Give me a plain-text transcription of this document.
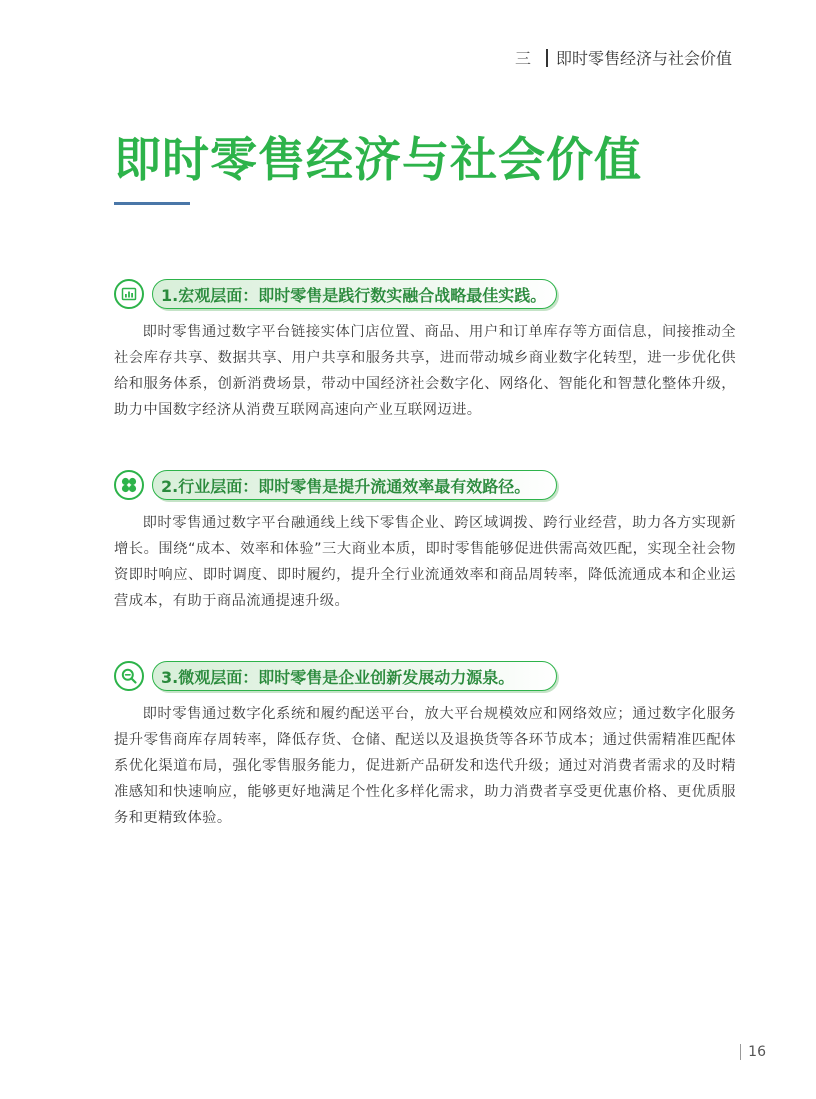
三 即时零售经济与社会价值
即时零售经济与社会价值
1.宏观层面：即时零售是践行数实融合战略最佳实践。

即时零售通过数字平台链接实体门店位置、商品、用户和订单库存等方面信息，间接推动全社会库存共享、数据共享、用户共享和服务共享，进而带动城乡商业数字化转型，进一步优化供给和服务体系，创新消费场景，带动中国经济社会数字化、网络化、智能化和智慧化整体升级，助力中国数字经济从消费互联网高速向产业互联网迈进。

2.行业层面：即时零售是提升流通效率最有效路径。

即时零售通过数字平台融通线上线下零售企业、跨区域调拨、跨行业经营，助力各方实现新增长。围绕“成本、效率和体验”三大商业本质，即时零售能够促进供需高效匹配，实现全社会物资即时响应、即时调度、即时履约，提升全行业流通效率和商品周转率，降低流通成本和企业运营成本，有助于商品流通提速升级。

3.微观层面：即时零售是企业创新发展动力源泉。

即时零售通过数字化系统和履约配送平台，放大平台规模效应和网络效应；通过数字化服务提升零售商库存周转率，降低存货、仓储、配送以及退换货等各环节成本；通过供需精准匹配体系优化渠道布局，强化零售服务能力，促进新产品研发和迭代升级；通过对消费者需求的及时精准感知和快速响应，能够更好地满足个性化多样化需求，助力消费者享受更优惠价格、更优质服务和更精致体验。

16
